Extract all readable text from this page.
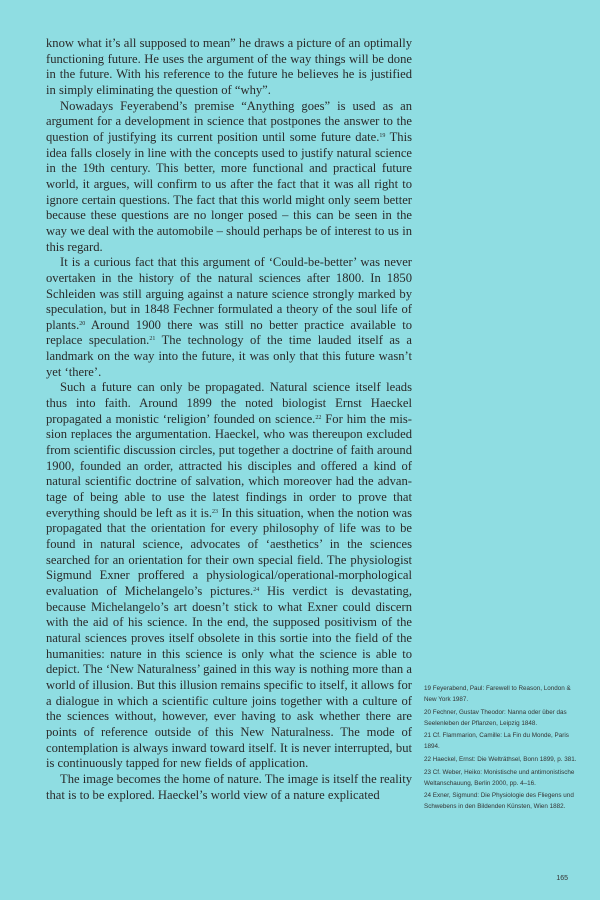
know what it’s all supposed to mean” he draws a picture of an optimally functioning future. He uses the argument of the way things will be done in the future. With his reference to the future he believes he is justified in simply eliminating the question of “why”.

Nowadays Feyerabend’s premise “Anything goes” is used as an argument for a development in science that postpones the answer to the question of justifying its current position until some future date.$^{19}$ This idea falls closely in line with the concepts used to justify natural science in the 19th century. This better, more functional and practical future world, it argues, will confirm to us after the fact that it was all right to ignore certain questions. The fact that this world might only seem better because these questions are no longer posed – this can be seen in the way we deal with the automobile – should perhaps be of interest to us in this regard.

It is a curious fact that this argument of ‘Could-be-better’ was never overtaken in the history of the natural sciences after 1800. In 1850 Schleiden was still arguing against a nature science strongly marked by speculation, but in 1848 Fechner formulated a theory of the soul life of plants.$^{20}$ Around 1900 there was still no better practice available to replace speculation.$^{21}$ The technology of the time lauded itself as a landmark on the way into the future, it was only that this future wasn’t yet ‘there’.

Such a future can only be propagated. Natural science itself leads thus into faith. Around 1899 the noted biologist Ernst Haeckel propagated a monistic ‘religion’ founded on science.$^{22}$ For him the mission replaces the argumentation. Haeckel, who was thereupon excluded from scientific discussion circles, put together a doctrine of faith around 1900, founded an order, attracted his disciples and offered a kind of natural scientific doctrine of salvation, which moreover had the advantage of being able to use the latest findings in order to prove that everything should be left as it is.$^{23}$ In this situation, when the notion was propagated that the orientation for every philosophy of life was to be found in natural science, advocates of ‘aesthetics’ in the sciences searched for an orientation for their own special field. The physiologist Sigmund Exner proffered a physiological/operational-morphological evaluation of Michelangelo’s pictures.$^{24}$ His verdict is devastating, because Michelangelo’s art doesn’t stick to what Exner could discern with the aid of his science. In the end, the supposed positivism of the natural sciences proves itself obsolete in this sortie into the field of the humanities: nature in this science is only what the science is able to depict. The ‘New Naturalness’ gained in this way is nothing more than a world of illusion. But this illusion remains specific to itself, it allows for a dialogue in which a scientific culture joins together with a culture of the sciences without, however, ever having to ask whether there are points of reference outside of this New Naturalness. The mode of contemplation is always inward toward itself. It is never interrupted, but is continuously tapped for new fields of application.

The image becomes the home of nature. The image is itself the reality that is to be explored. Haeckel’s world view of a nature explicated

19 Feyerabend, Paul: Farewell to Reason, London & New York 1987.
20 Fechner, Gustav Theodor: Nanna oder über das Seelenleben der Pflanzen, Leipzig 1848.
21 Cf. Flammarion, Camille: La Fin du Monde, Paris 1894.
22 Haeckel, Ernst: Die Welträthsel, Bonn 1899, p. 381.
23 Cf. Weber, Heiko: Monistische und antimonistische Weltanschauung, Berlin 2000, pp. 4–16.
24 Exner, Sigmund: Die Physiologie des Fliegens und Schwebens in den Bildenden Künsten, Wien 1882.
165
